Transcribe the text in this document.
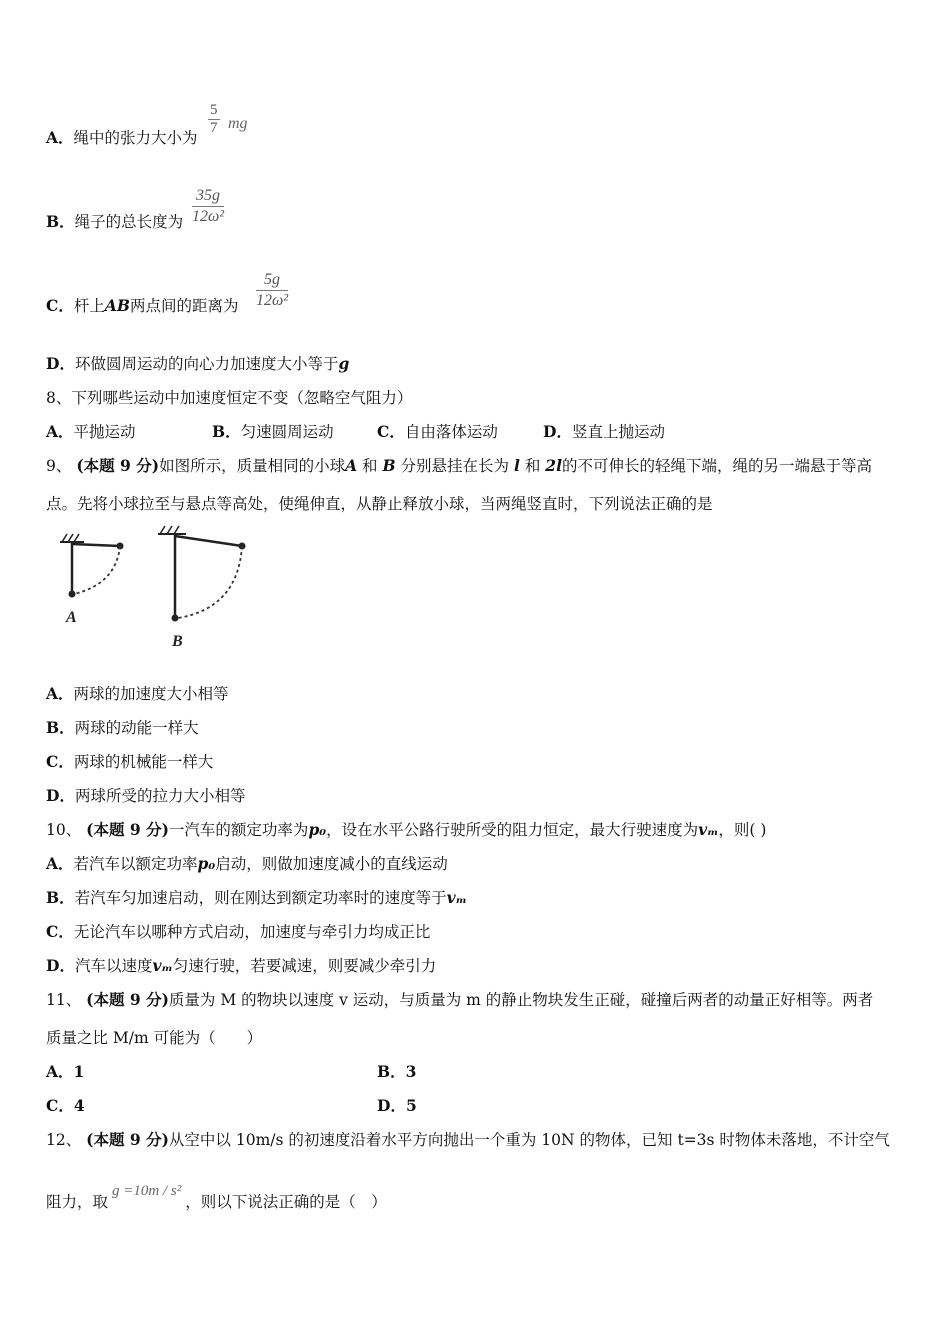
A．绳中的张力大小为
$\frac{5}{7}$ mg
B．绳子的总长度为 $\frac{35g}{\text{12ω²}}$
C．杆上AB两点间的距离为 $\frac{5g}{\text{12ω²}}$
D．环做圆周运动的向心力加速度大小等于g
8、下列哪些运动中加速度恒定不变（忽略空气阻力）
A．平抛运动	B．匀速圆周运动	C．自由落体运动	D．竖直上抛运动
9、 (本题 9 分)如图所示，质量相同的小球A 和 B 分别悬挂在长为 l 和 2l的不可伸长的轻绳下端，绳的另一端悬于等高
点。先将小球拉至与悬点等高处，使绳伸直，从静止释放小球，当两绳竖直时，下列说法正确的是
A
B
A．两球的加速度大小相等
B．两球的动能一样大
C．两球的机械能一样大
D．两球所受的拉力大小相等
10、 (本题 9 分)一汽车的额定功率为p₀，设在水平公路行驶所受的阻力恒定，最大行驶速度为vₘ，则( )
A．若汽车以额定功率p₀启动，则做加速度减小的直线运动
B．若汽车匀加速启动，则在刚达到额定功率时的速度等于vₘ
C．无论汽车以哪种方式启动，加速度与牵引力均成正比
D．汽车以速度vₘ匀速行驶，若要减速，则要减少牵引力
11、 (本题 9 分)质量为 M 的物块以速度 v 运动，与质量为 m 的静止物块发生正碰，碰撞后两者的动量正好相等。两者
质量之比 M/m 可能为（　　）
A．1	B．3
C．4	D．5
12、 (本题 9 分)从空中以 10m/s 的初速度沿着水平方向抛出一个重为 10N 的物体，已知 t=3s 时物体未落地，不计空气
阻力，取g =10m / s²，则以下说法正确的是（　）
